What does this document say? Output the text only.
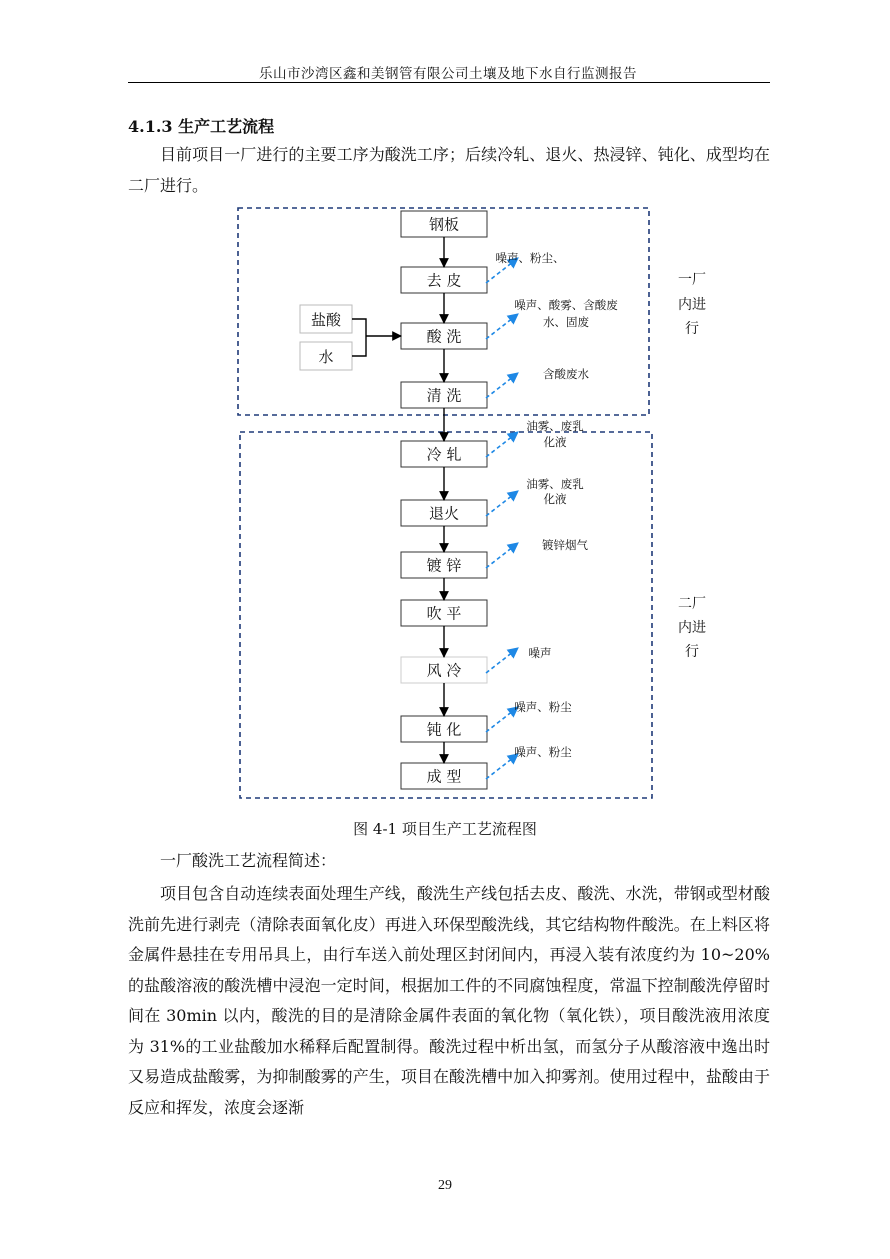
乐山市沙湾区鑫和美钢管有限公司土壤及地下水自行监测报告
4.1.3 生产工艺流程

目前项目一厂进行的主要工序为酸洗工序；后续冷轧、退火、热浸锌、钝化、成型均在二厂进行。

一厂
内进
行
二厂
内进
行
钢板
去 皮
酸 洗
清 洗
冷 轧
退火
镀 锌
吹 平
风 冷
钝 化
成 型
盐酸
水
噪声、粉尘、
噪声、酸雾、含酸废
水、固废
含酸废水
油雾、废乳
化液
油雾、废乳
化液
镀锌烟气
噪声
噪声、粉尘
噪声、粉尘
图 4-1 项目生产工艺流程图

一厂酸洗工艺流程简述：

项目包含自动连续表面处理生产线，酸洗生产线包括去皮、酸洗、水洗，带钢或型材酸洗前先进行剥壳（清除表面氧化皮）再进入环保型酸洗线，其它结构物件酸洗。在上料区将金属件悬挂在专用吊具上，由行车送入前处理区封闭间内，再浸入装有浓度约为 10~20%的盐酸溶液的酸洗槽中浸泡一定时间，根据加工件的不同腐蚀程度，常温下控制酸洗停留时间在 30min 以内，酸洗的目的是清除金属件表面的氧化物（氧化铁），项目酸洗液用浓度为 31%的工业盐酸加水稀释后配置制得。酸洗过程中析出氢，而氢分子从酸溶液中逸出时又易造成盐酸雾，为抑制酸雾的产生，项目在酸洗槽中加入抑雾剂。使用过程中，盐酸由于反应和挥发，浓度会逐渐

29
